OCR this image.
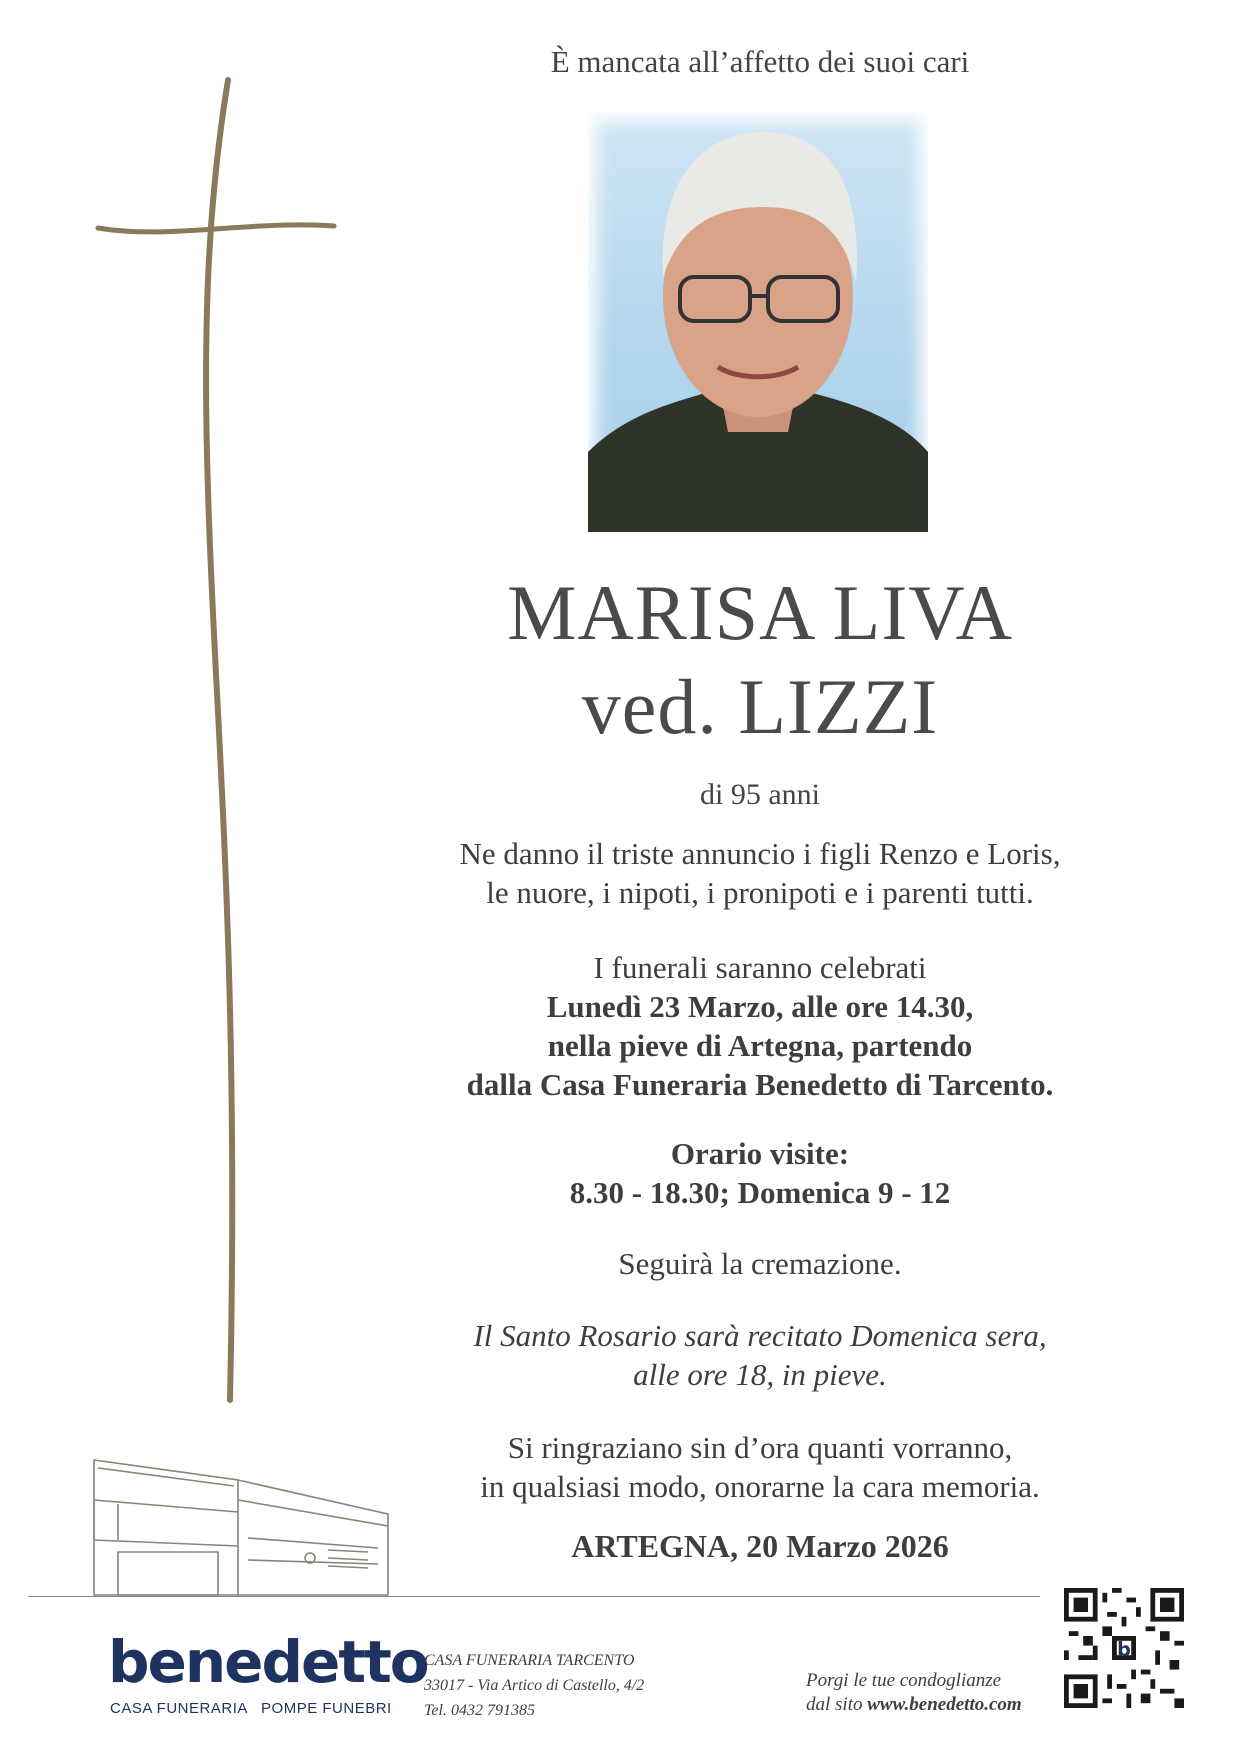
È mancata all’affetto dei suoi cari
MARISA LIVA
ved. LIZZI
di 95 anni
Ne danno il triste annuncio i figli Renzo e Loris,
le nuore, i nipoti, i pronipoti e i parenti tutti.
I funerali saranno celebrati
Lunedì 23 Marzo, alle ore 14.30,
nella pieve di Artegna, partendo
dalla Casa Funeraria Benedetto di Tarcento.
Orario visite:
8.30 - 18.30; Domenica 9 - 12
Seguirà la cremazione.
Il Santo Rosario sarà recitato Domenica sera,
alle ore 18, in pieve.
Si ringraziano sin d’ora quanti vorranno,
in qualsiasi modo, onorarne la cara memoria.
ARTEGNA, 20 Marzo 2026
benedetto
CASA FUNERARIA   POMPE FUNEBRI
CASA FUNERARIA TARCENTO
33017 - Via Artico di Castello, 4/2
Tel. 0432 791385
Porgi le tue condoglianze
dal sito www.benedetto.com
b
